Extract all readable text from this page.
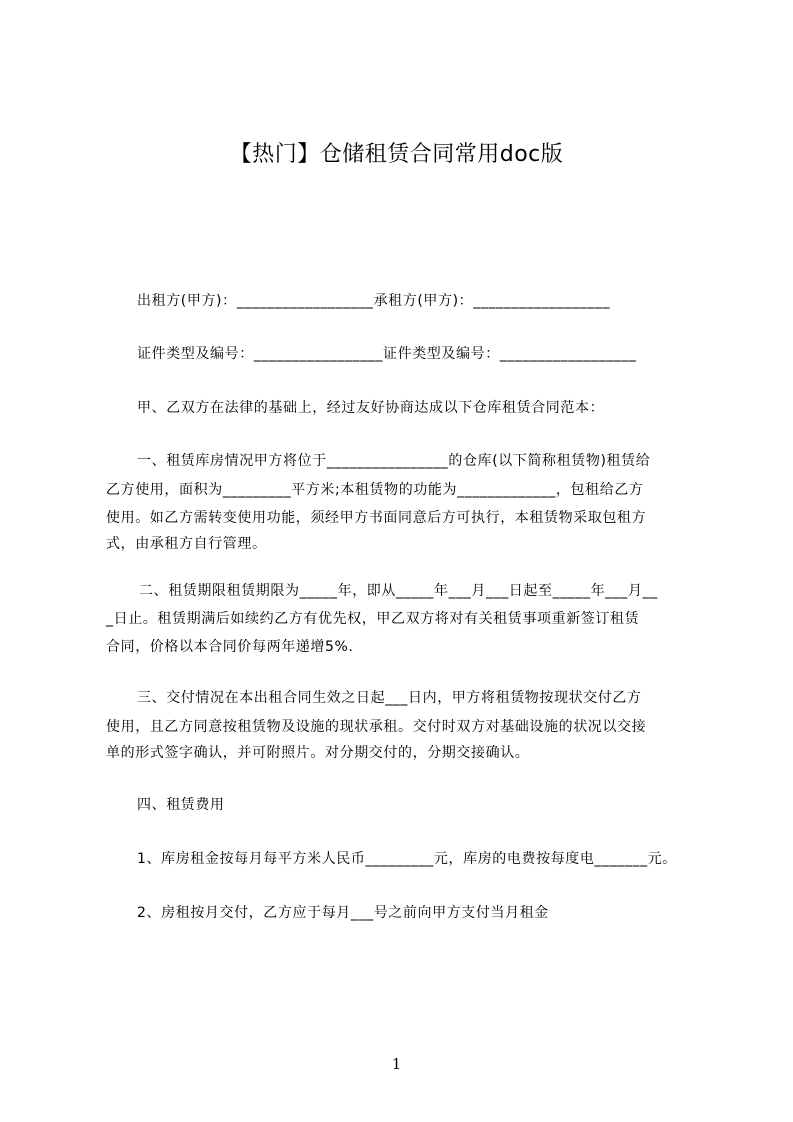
【热门】仓储租赁合同常用doc版
出租方(甲方)：__________________承租方(甲方)：__________________
证件类型及编号：_________________证件类型及编号：__________________
甲、乙双方在法律的基础上，经过友好协商达成以下仓库租赁合同范本：
一、租赁库房情况甲方将位于________________的仓库(以下简称租赁物)租赁给
乙方使用，面积为_________平方米;本租赁物的功能为_____________，包租给乙方
使用。如乙方需转变使用功能，须经甲方书面同意后方可执行，本租赁物采取包租方
式，由承租方自行管理。
二、租赁期限租赁期限为_____年，即从_____年___月___日起至_____年___月__
_日止。租赁期满后如续约乙方有优先权，甲乙双方将对有关租赁事项重新签订租赁
合同，价格以本合同价每两年递增5%.
三、交付情况在本出租合同生效之日起___日内，甲方将租赁物按现状交付乙方
使用，且乙方同意按租赁物及设施的现状承租。交付时双方对基础设施的状况以交接
单的形式签字确认，并可附照片。对分期交付的，分期交接确认。
四、租赁费用
1、库房租金按每月每平方米人民币_________元，库房的电费按每度电_______元。
2、房租按月交付，乙方应于每月___号之前向甲方支付当月租金
1
